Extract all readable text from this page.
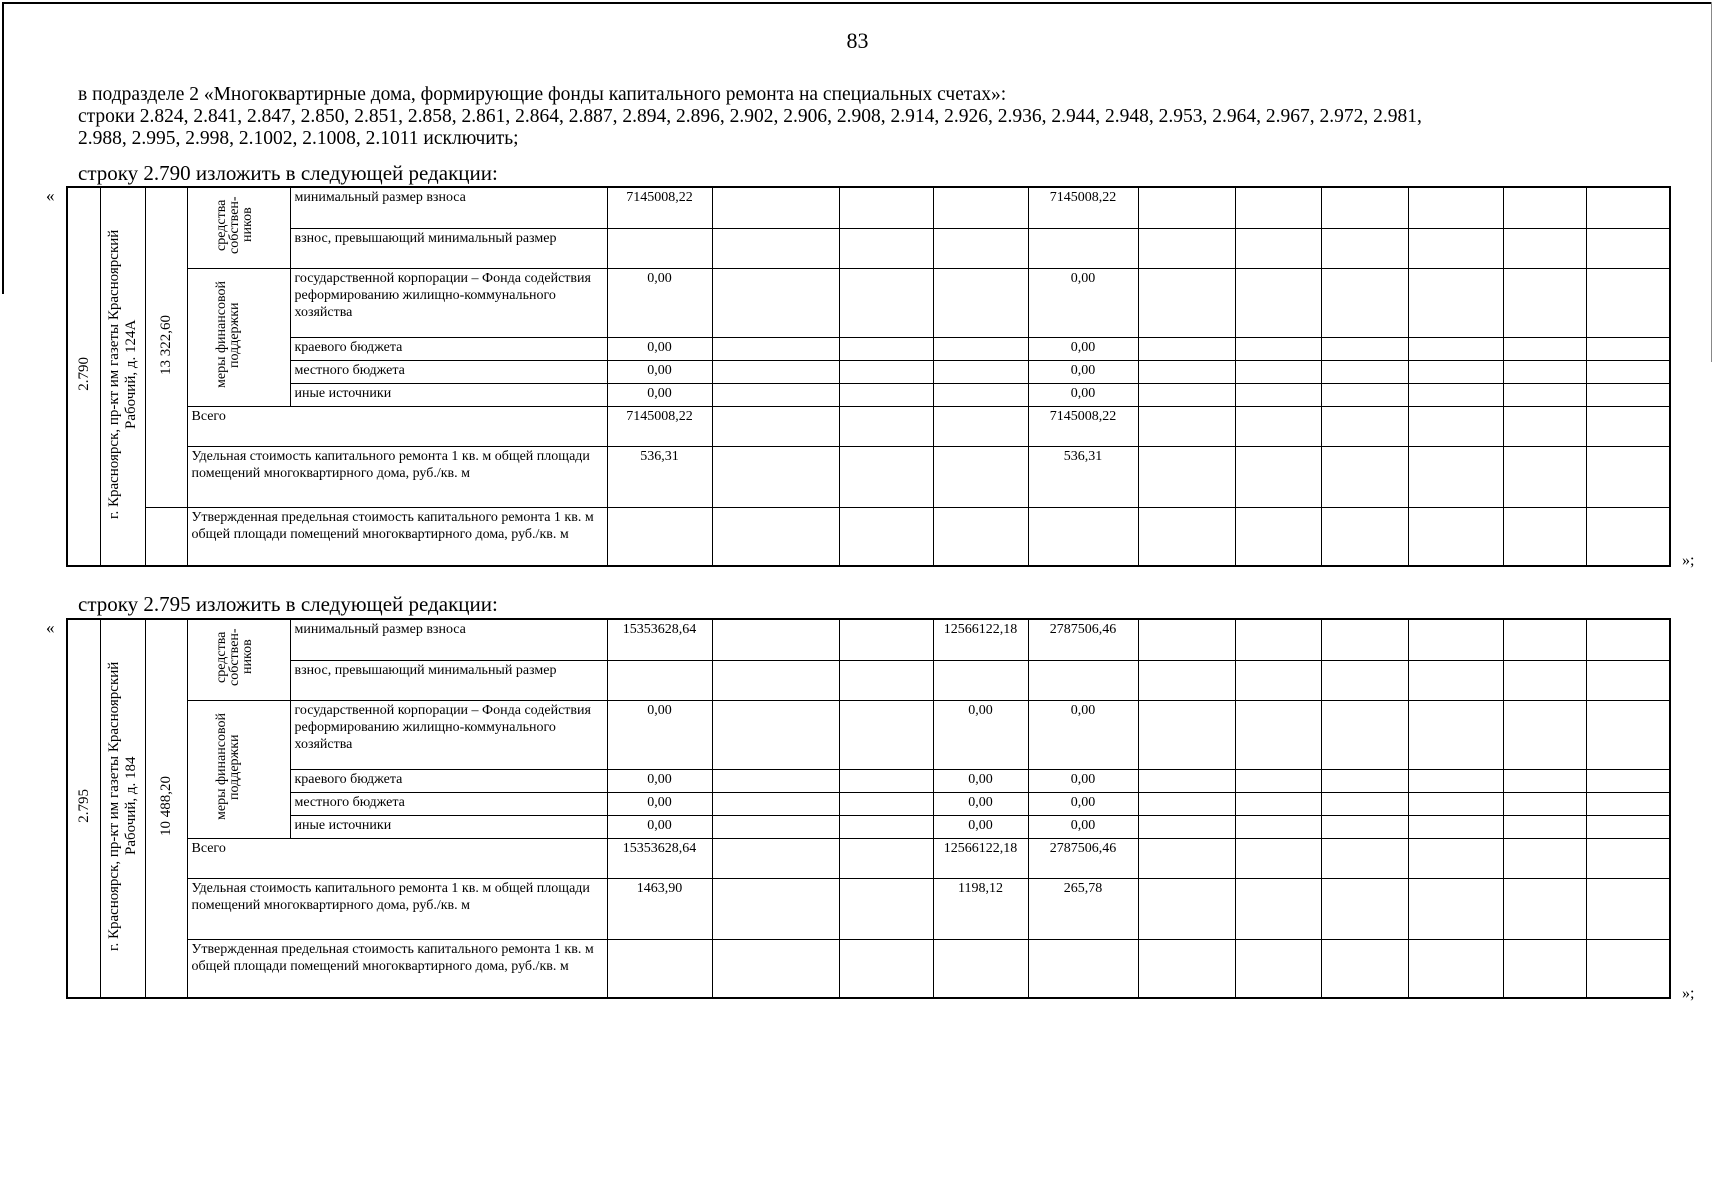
83

в подразделе 2 «Многоквартирные дома, формирующие фонды капитального ремонта на специальных счетах»:

строки 2.824, 2.841, 2.847, 2.850, 2.851, 2.858, 2.861, 2.864, 2.887, 2.894, 2.896, 2.902, 2.906, 2.908, 2.914, 2.926, 2.936, 2.944, 2.948, 2.953, 2.964, 2.967, 2.972, 2.981,

2.988, 2.995, 2.998, 2.1002, 2.1008, 2.1011 исключить;

строку 2.790 изложить в следующей редакции:
«
»;
2.790	г. Красноярск, пр-кт им газеты Красноярский Рабочий, д. 124А	13 322,60	средства собствен-ников	минимальный размер взноса	7145008,22				7145008,22						
				взнос, превышающий минимальный размер											
			меры финансовой поддержки	государственной корпорации – Фонда содействия реформированию жилищно-коммунального хозяйства	0,00				0,00						
				краевого бюджета	0,00				0,00						
				местного бюджета	0,00				0,00						
				иные источники	0,00				0,00						
			Всего		7145008,22				7145008,22						
			Удельная стоимость капитального ремонта 1 кв. м общей площади помещений многоквартирного дома, руб./кв. м		536,31				536,31						
			Утвержденная предельная стоимость капитального ремонта 1 кв. м общей площади помещений многоквартирного дома, руб./кв. м												
строку 2.795 изложить в следующей редакции:
«
»;
2.795	г. Красноярск, пр-кт им газеты Красноярский Рабочий, д. 184	10 488,20	средства собствен-ников	минимальный размер взноса	15353628,64			12566122,18	2787506,46						
				взнос, превышающий минимальный размер											
			меры финансовой поддержки	государственной корпорации – Фонда содействия реформированию жилищно-коммунального хозяйства	0,00			0,00	0,00						
				краевого бюджета	0,00			0,00	0,00						
				местного бюджета	0,00			0,00	0,00						
				иные источники	0,00			0,00	0,00						
			Всего		15353628,64			12566122,18	2787506,46						
			Удельная стоимость капитального ремонта 1 кв. м общей площади помещений многоквартирного дома, руб./кв. м		1463,90			1198,12	265,78						
			Утвержденная предельная стоимость капитального ремонта 1 кв. м общей площади помещений многоквартирного дома, руб./кв. м												
